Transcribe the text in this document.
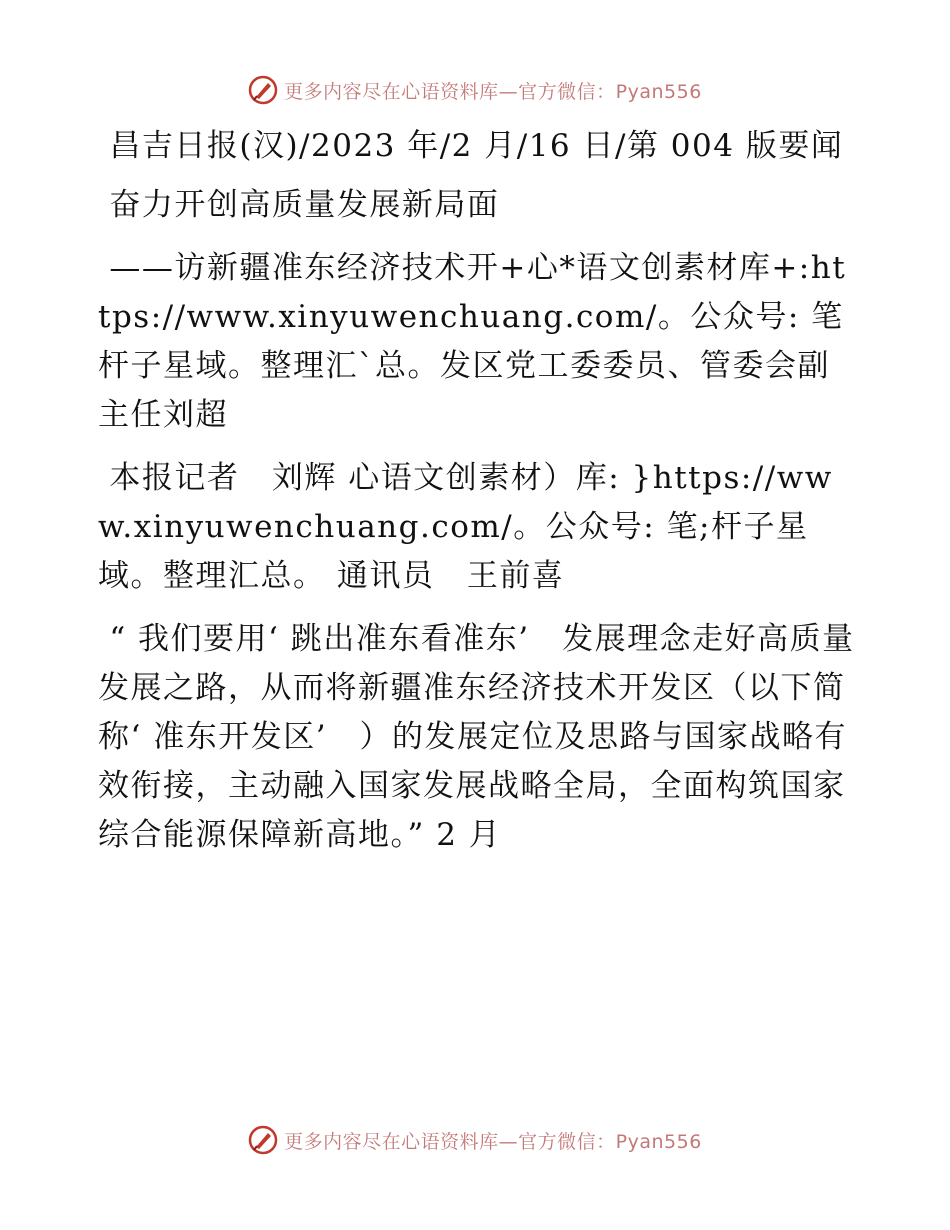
更多内容尽在心语资料库—官方微信：Pyan556

昌吉日报(汉)/2023 年/2 月/16 日/第 004 版要闻

奋力开创高质量发展新局面

——访新疆准东经济技术开+心*语文创素材库+:https://www.xinyuwenchuang.com/。公众号: 笔杆子星域。整理汇`总。发区党工委委员、管委会副主任刘超

本报记者　刘辉 心语文创素材）库: }https://www.xinyuwenchuang.com/。公众号: 笔;杆子星域。整理汇总。 通讯员　王前喜

“ 我们要用‘ 跳出准东看准东’　发展理念走好高质量发展之路，从而将新疆准东经济技术开发区（以下简称‘ 准东开发区’　）的发展定位及思路与国家战略有效衔接，主动融入国家发展战略全局，全面构筑国家综合能源保障新高地。” 2 月

更多内容尽在心语资料库—官方微信：Pyan556
